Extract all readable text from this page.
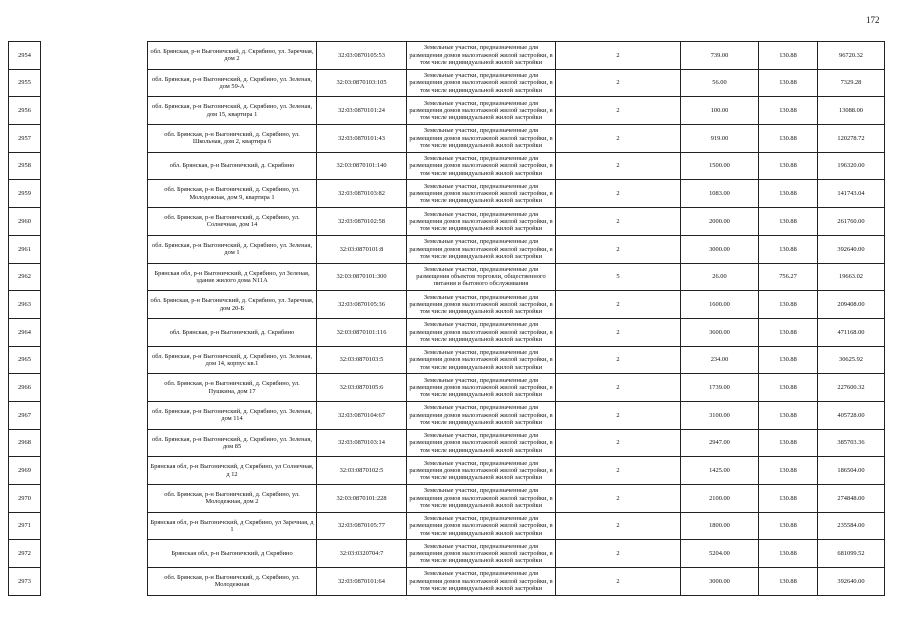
172
2954		обл. Брянская, р-н Выгоничский, д. Скрябино, ул. Заречная, дом 2	32:03:0870105:53	Земельные участки, предназначенные для размещения домов малоэтажной жилой застройки, в том числе индивидуальной жилой застройки	2	739.00	130.88	96720.32
2955		обл. Брянская, р-н Выгоничский, д. Скрябино, ул. Зеленая, дом 59-А	32:03:0870103:105	Земельные участки, предназначенные для размещения домов малоэтажной жилой застройки, в том числе индивидуальной жилой застройки	2	56.00	130.88	7329.28
2956		обл. Брянская, р-н Выгоничский, д. Скрябино, ул. Зеленая, дом 15, квартира 1	32:03:0870101:24	Земельные участки, предназначенные для размещения домов малоэтажной жилой застройки, в том числе индивидуальной жилой застройки	2	100.00	130.88	13088.00
2957		обл. Брянская, р-н Выгоничский, д. Скрябино, ул. Школьная, дом 2, квартира 6	32:03:0870101:43	Земельные участки, предназначенные для размещения домов малоэтажной жилой застройки, в том числе индивидуальной жилой застройки	2	919.00	130.88	120278.72
2958		обл. Брянская, р-н Выгоничский, д. Скрябино	32:03:0870101:140	Земельные участки, предназначенные для размещения домов малоэтажной жилой застройки, в том числе индивидуальной жилой застройки	2	1500.00	130.88	196320.00
2959		обл. Брянская, р-н Выгоничский, д. Скрябино, ул. Молодежная, дом 9, квартира 1	32:03:0870103:82	Земельные участки, предназначенные для размещения домов малоэтажной жилой застройки, в том числе индивидуальной жилой застройки	2	1083.00	130.88	141743.04
2960		обл. Брянская, р-н Выгоничский, д. Скрябино, ул. Солнечная, дом 14	32:03:0870102:58	Земельные участки, предназначенные для размещения домов малоэтажной жилой застройки, в том числе индивидуальной жилой застройки	2	2000.00	130.88	261760.00
2961		обл. Брянская, р-н Выгоничский, д. Скрябино, ул. Зеленая, дом 1	32:03:0870101:8	Земельные участки, предназначенные для размещения домов малоэтажной жилой застройки, в том числе индивидуальной жилой застройки	2	3000.00	130.88	392640.00
2962		Брянская обл, р-н Выгоничский, д Скрябино, ул Зеленая, здание жилого дома N11А	32:03:0870101:300	Земельные участки, предназначенные для размещения объектов торговли, общественного питания и бытового обслуживания	5	26.00	756.27	19663.02
2963		обл. Брянская, р-н Выгоничский, д. Скрябино, ул. Заречная, дом 20-Б	32:03:0870105:36	Земельные участки, предназначенные для размещения домов малоэтажной жилой застройки, в том числе индивидуальной жилой застройки	2	1600.00	130.88	209408.00
2964		обл. Брянская, р-н Выгоничский, д. Скрябино	32:03:0870101:116	Земельные участки, предназначенные для размещения домов малоэтажной жилой застройки, в том числе индивидуальной жилой застройки	2	3600.00	130.88	471168.00
2965		обл. Брянская, р-н Выгоничский, д. Скрябино, ул. Зеленая, дом 14, корпус кв.1	32:03:0870103:5	Земельные участки, предназначенные для размещения домов малоэтажной жилой застройки, в том числе индивидуальной жилой застройки	2	234.00	130.88	30625.92
2966		обл. Брянская, р-н Выгоничский, д. Скрябино, ул. Пушкина, дом 17	32:03:0870105:6	Земельные участки, предназначенные для размещения домов малоэтажной жилой застройки, в том числе индивидуальной жилой застройки	2	1739.00	130.88	227600.32
2967		обл. Брянская, р-н Выгоничский, д. Скрябино, ул. Зеленая, дом 114	32:03:0870104:67	Земельные участки, предназначенные для размещения домов малоэтажной жилой застройки, в том числе индивидуальной жилой застройки	2	3100.00	130.88	405728.00
2968		обл. Брянская, р-н Выгоничский, д. Скрябино, ул. Зеленая, дом 85	32:03:0870103:14	Земельные участки, предназначенные для размещения домов малоэтажной жилой застройки, в том числе индивидуальной жилой застройки	2	2947.00	130.88	385703.36
2969		Брянская обл, р-н Выгоничский, д Скрябино, ул Солнечная, д 12	32:03:0870102:5	Земельные участки, предназначенные для размещения домов малоэтажной жилой застройки, в том числе индивидуальной жилой застройки	2	1425.00	130.88	186504.00
2970		обл. Брянская, р-н Выгоничский, д. Скрябино, ул. Молодежная, дом 2	32:03:0870101:228	Земельные участки, предназначенные для размещения домов малоэтажной жилой застройки, в том числе индивидуальной жилой застройки	2	2100.00	130.88	274848.00
2971		Брянская обл, р-н Выгоничский, д Скрябино, ул Заречная, д 1	32:03:0870105:77	Земельные участки, предназначенные для размещения домов малоэтажной жилой застройки, в том числе индивидуальной жилой застройки	2	1800.00	130.88	235584.00
2972		Брянская обл, р-н Выгоничский, д Скрябино	32:03:0320704:7	Земельные участки, предназначенные для размещения домов малоэтажной жилой застройки, в том числе индивидуальной жилой застройки	2	5204.00	130.88	681099.52
2973		обл. Брянская, р-н Выгоничский, д. Скрябино, ул. Молодежная	32:03:0870101:64	Земельные участки, предназначенные для размещения домов малоэтажной жилой застройки, в том числе индивидуальной жилой застройки	2	3000.00	130.88	392640.00
